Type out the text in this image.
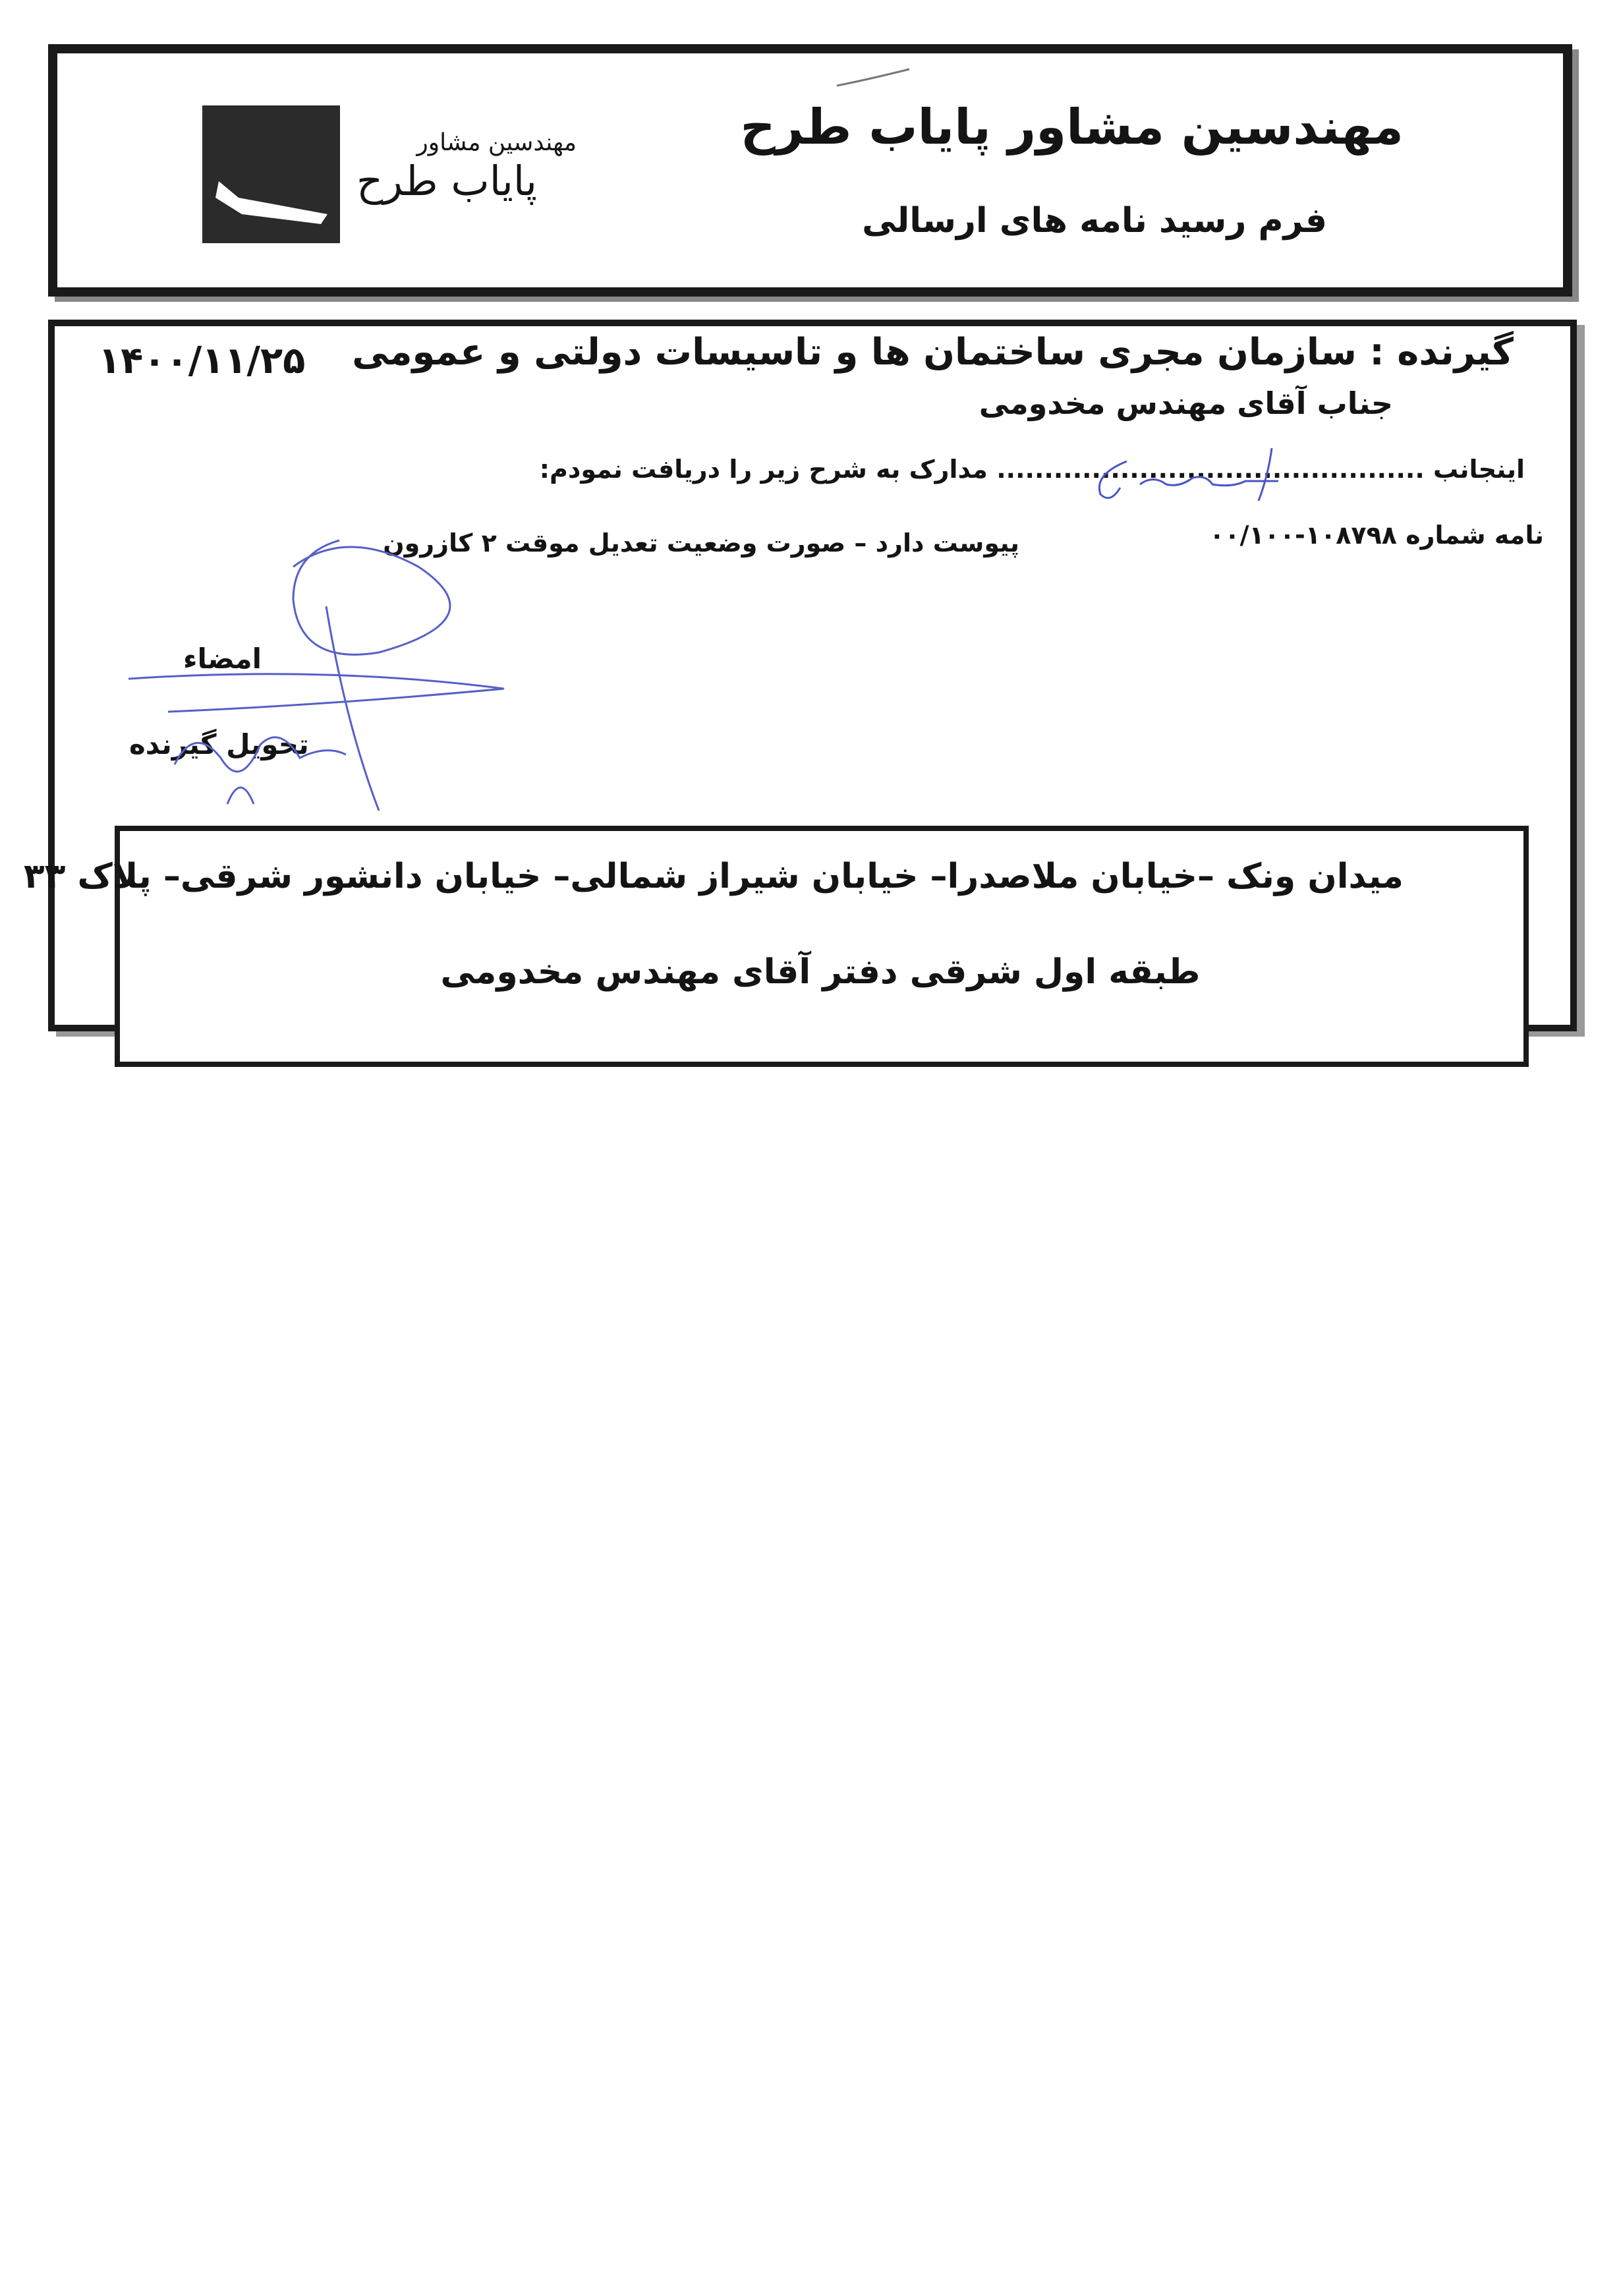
مهندسین مشاور
پایاب طرح
مهندسین مشاور پایاب طرح
فرم رسید نامه های ارسالی
گیرنده : سازمان مجری ساختمان ها و تاسیسات دولتی و عمومی
۱۴۰۰/۱۱/۲۵
جناب آقای مهندس مخدومی
اینجانب ............................................. مدارک به شرح زیر را دریافت نمودم:
نامه شماره ۱۰۸۷۹۸-۰۰/۱۰۰
پیوست دارد – صورت وضعیت تعدیل موقت ۲ کازرون
امضاء
تحویل گیرنده
میدان ونک –خیابان ملاصدرا– خیابان شیراز شمالی– خیابان دانشور شرقی– پلاک ۳۳
طبقه اول شرقی دفتر آقای مهندس مخدومی
